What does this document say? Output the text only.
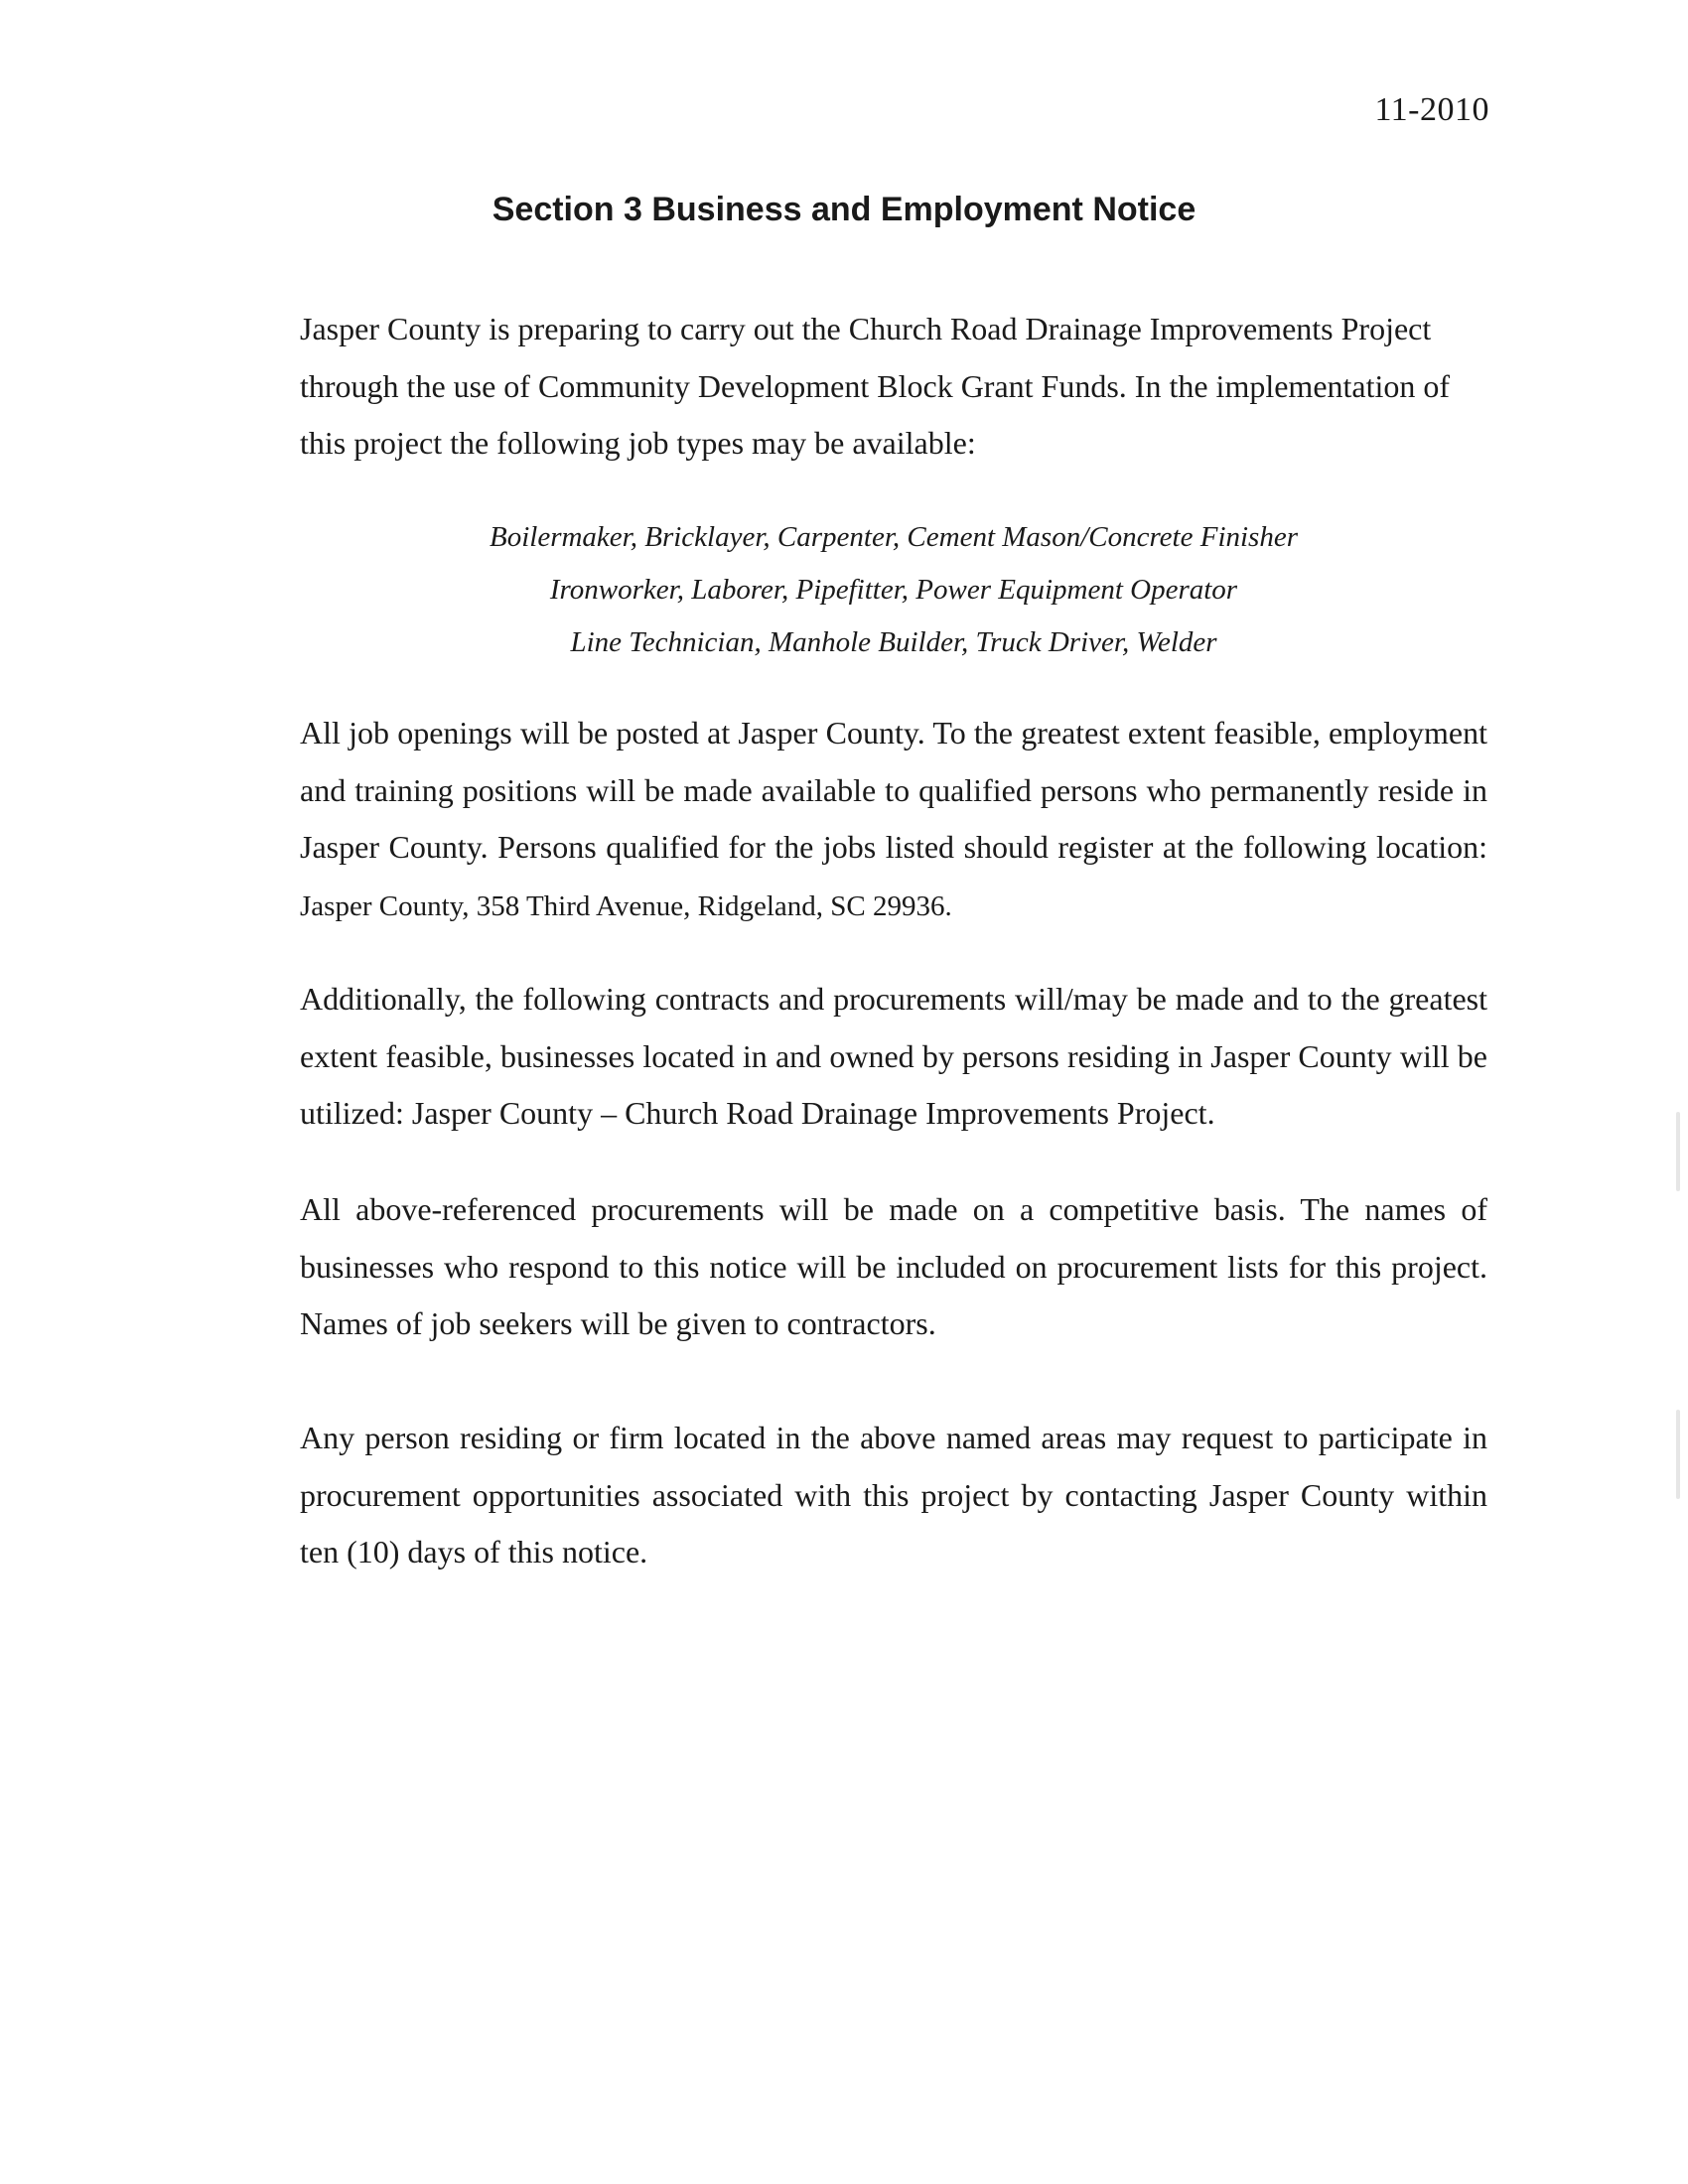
11-2010
Section 3 Business and Employment Notice

Jasper County is preparing to carry out the Church Road Drainage Improvements Project through the use of Community Development Block Grant Funds. In the implementation of this project the following job types may be available:

Boilermaker, Bricklayer, Carpenter, Cement Mason/Concrete Finisher
Ironworker, Laborer, Pipefitter, Power Equipment Operator
Line Technician, Manhole Builder, Truck Driver, Welder

All job openings will be posted at Jasper County. To the greatest extent feasible, employment and training positions will be made available to qualified persons who permanently reside in Jasper County. Persons qualified for the jobs listed should register at the following location: Jasper County, 358 Third Avenue, Ridgeland, SC 29936.

Additionally, the following contracts and procurements will/may be made and to the greatest extent feasible, businesses located in and owned by persons residing in Jasper County will be utilized: Jasper County – Church Road Drainage Improvements Project.

All above-referenced procurements will be made on a competitive basis. The names of businesses who respond to this notice will be included on procurement lists for this project. Names of job seekers will be given to contractors.

Any person residing or firm located in the above named areas may request to participate in procurement opportunities associated with this project by contacting Jasper County within ten (10) days of this notice.
